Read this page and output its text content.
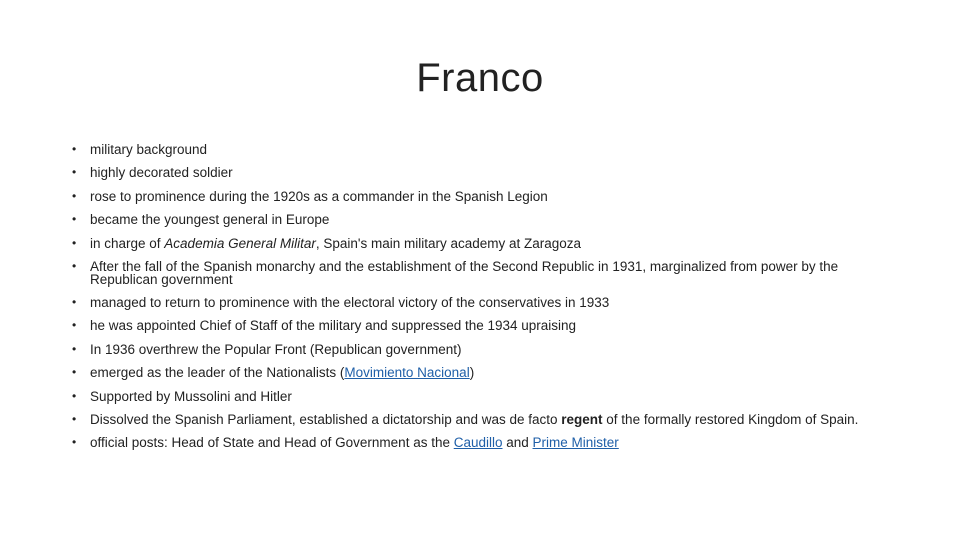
Franco
• military background
• highly decorated soldier
• rose to prominence during the 1920s as a commander in the Spanish Legion
• became the youngest general in Europe
• in charge of Academia General Militar, Spain's main military academy at Zaragoza
• After the fall of the Spanish monarchy and the establishment of the Second Republic in 1931, marginalized from power by the Republican government
• managed to return to prominence with the electoral victory of the conservatives in 1933
• he was appointed Chief of Staff of the military and suppressed the 1934 upraising
• In 1936 overthrew the Popular Front (Republican government)
• emerged as the leader of the Nationalists (Movimiento Nacional)
• Supported by Mussolini and Hitler
• Dissolved the Spanish Parliament, established a dictatorship and was de facto regent of the formally restored Kingdom of Spain.
• official posts: Head of State and Head of Government as the Caudillo and Prime Minister
